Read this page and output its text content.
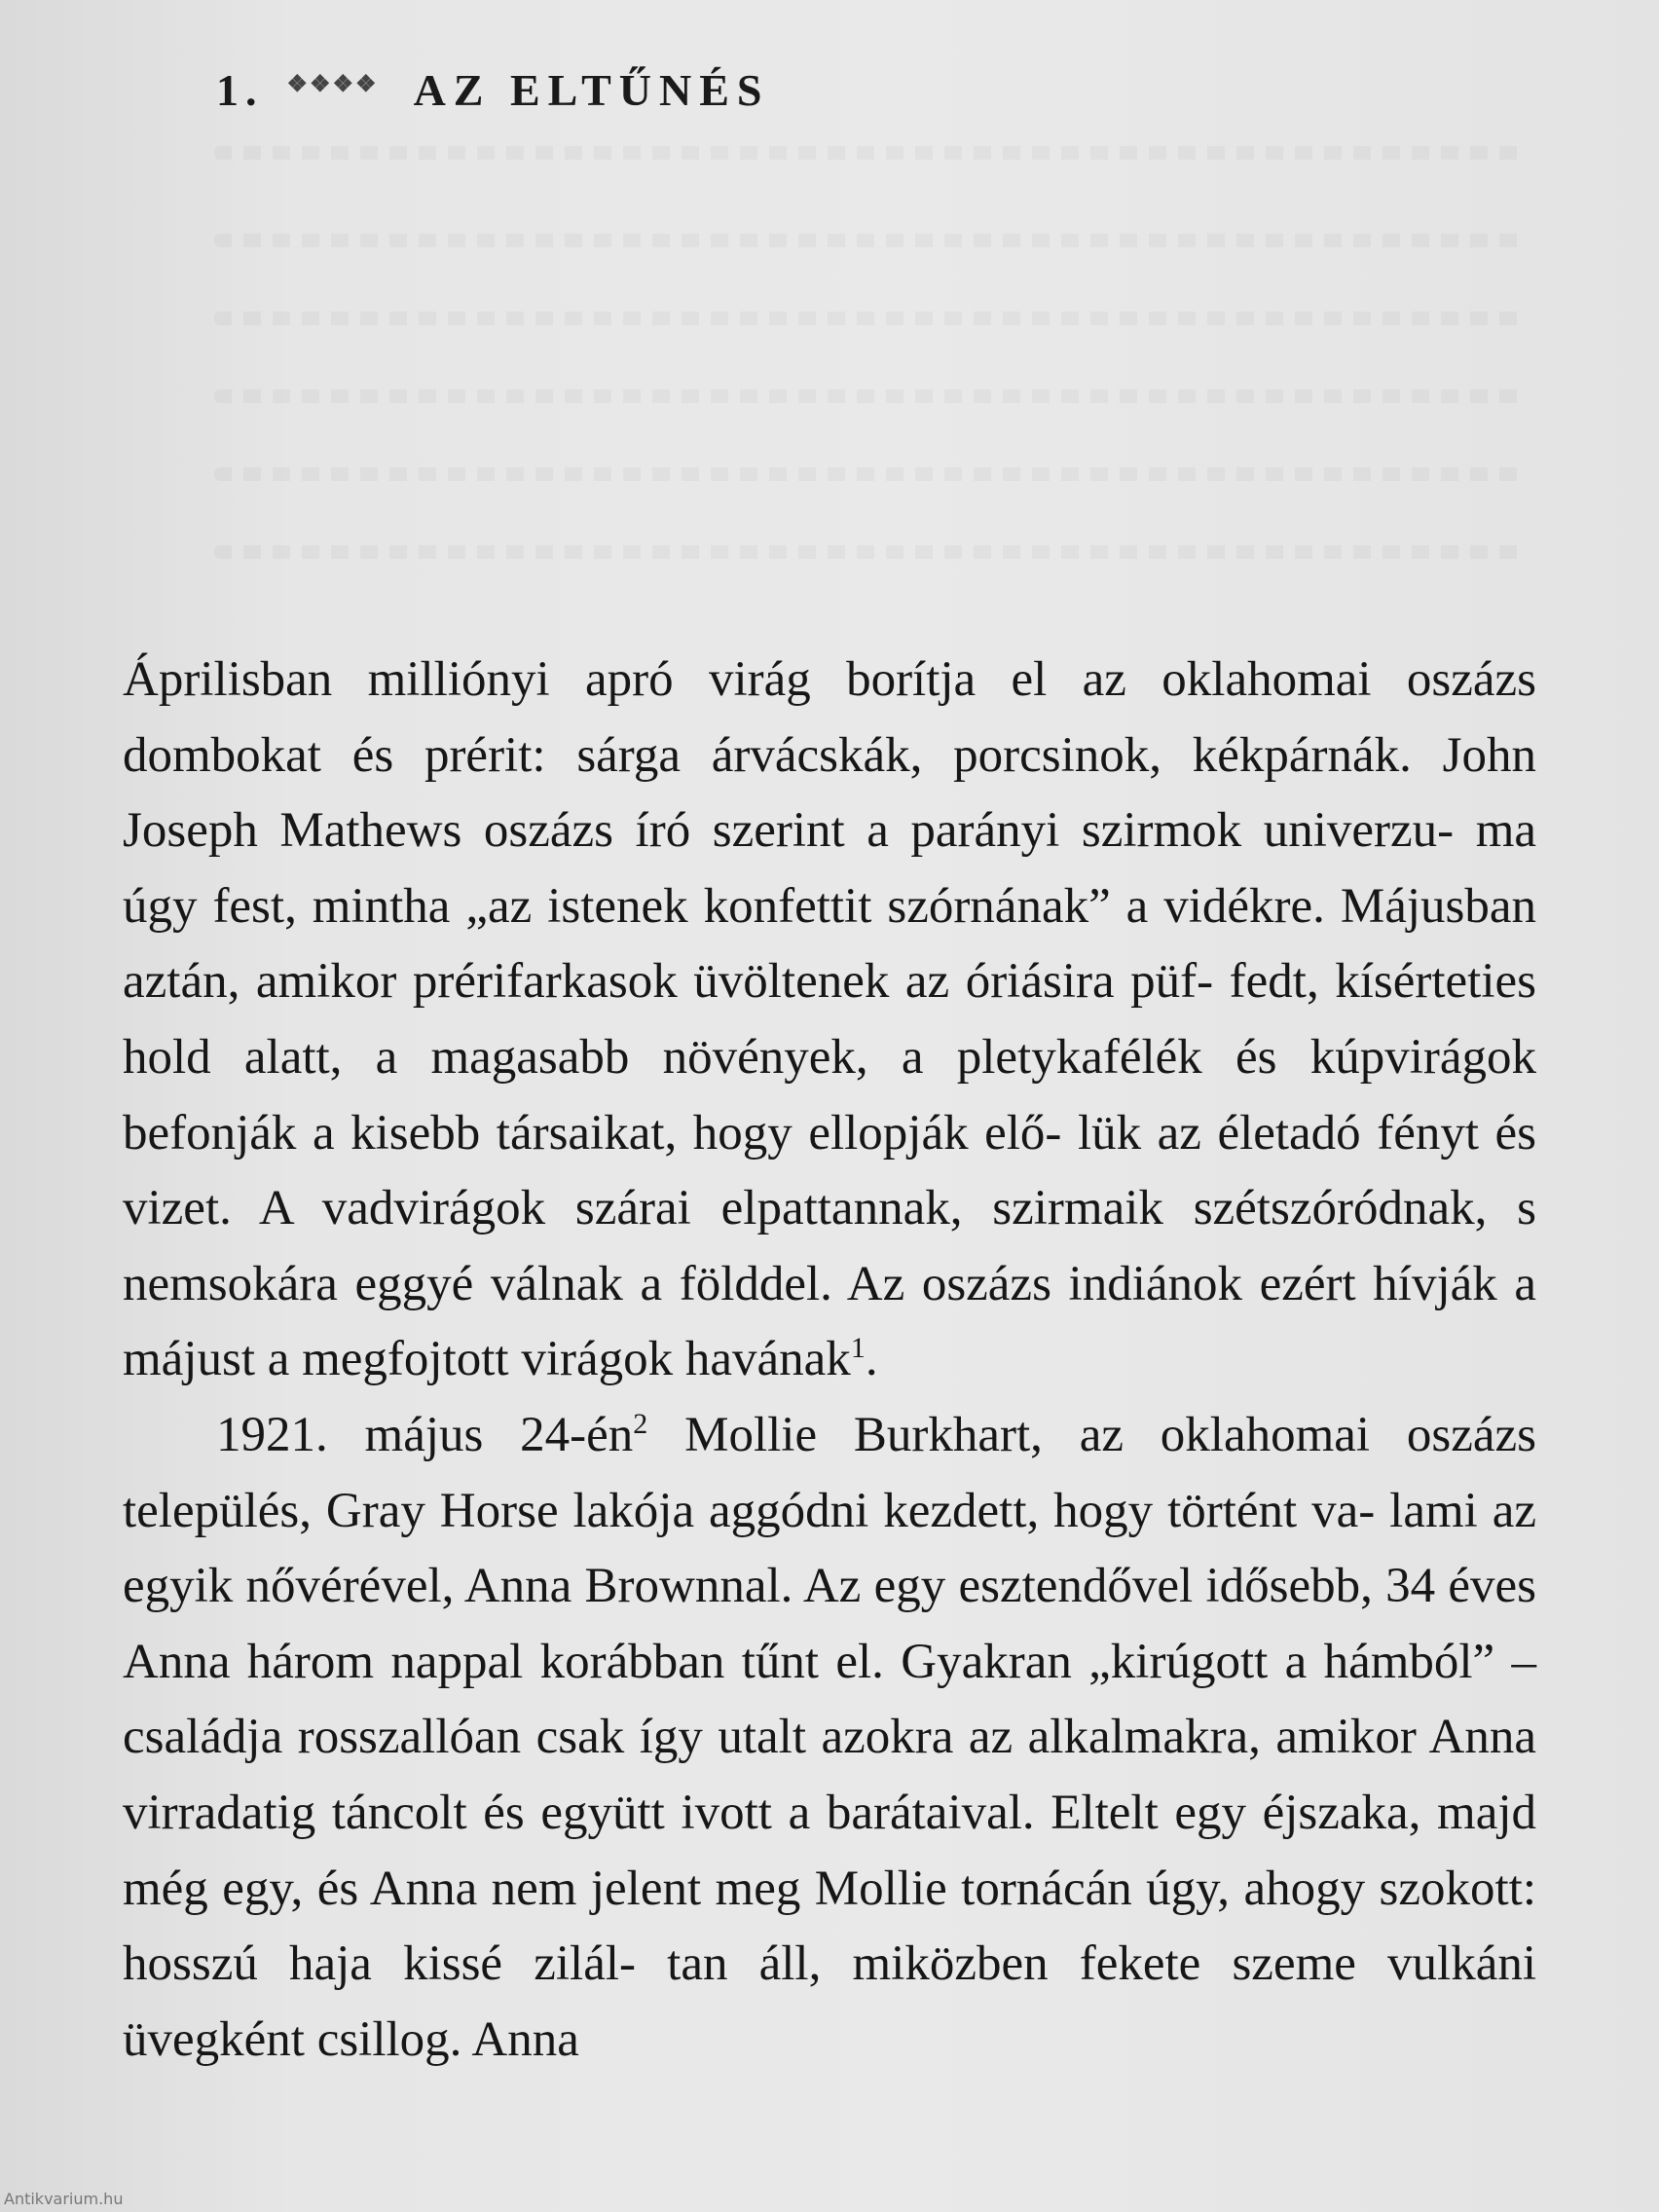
1. ❖❖❖❖ AZ ELTŰNÉS

Áprilisban milliónyi apró virág borítja el az oklahomai oszázs dombokat és prérit: sárga árvácskák, porcsinok, kékpárnák. John Joseph Mathews oszázs író szerint a parányi szirmok univerzu- ma úgy fest, mintha „az istenek konfettit szórnának” a vidékre. Májusban aztán, amikor prérifarkasok üvöltenek az óriásira püf- fedt, kísérteties hold alatt, a magasabb növények, a pletykafélék és kúpvirágok befonják a kisebb társaikat, hogy ellopják elő- lük az életadó fényt és vizet. A vadvirágok szárai elpattannak, szirmaik szétszóródnak, s nemsokára eggyé válnak a földdel. Az oszázs indiánok ezért hívják a májust a megfojtott virágok havának$^1$.

1921. május 24-én$^2$ Mollie Burkhart, az oklahomai oszázs település, Gray Horse lakója aggódni kezdett, hogy történt va- lami az egyik nővérével, Anna Brownnal. Az egy esztendővel idősebb, 34 éves Anna három nappal korábban tűnt el. Gyakran „kirúgott a hámból” – családja rosszallóan csak így utalt azokra az alkalmakra, amikor Anna virradatig táncolt és együtt ivott a barátaival. Eltelt egy éjszaka, majd még egy, és Anna nem jelent meg Mollie tornácán úgy, ahogy szokott: hosszú haja kissé zilál- tan áll, miközben fekete szeme vulkáni üvegként csillog. Anna

Antikvarium.hu
